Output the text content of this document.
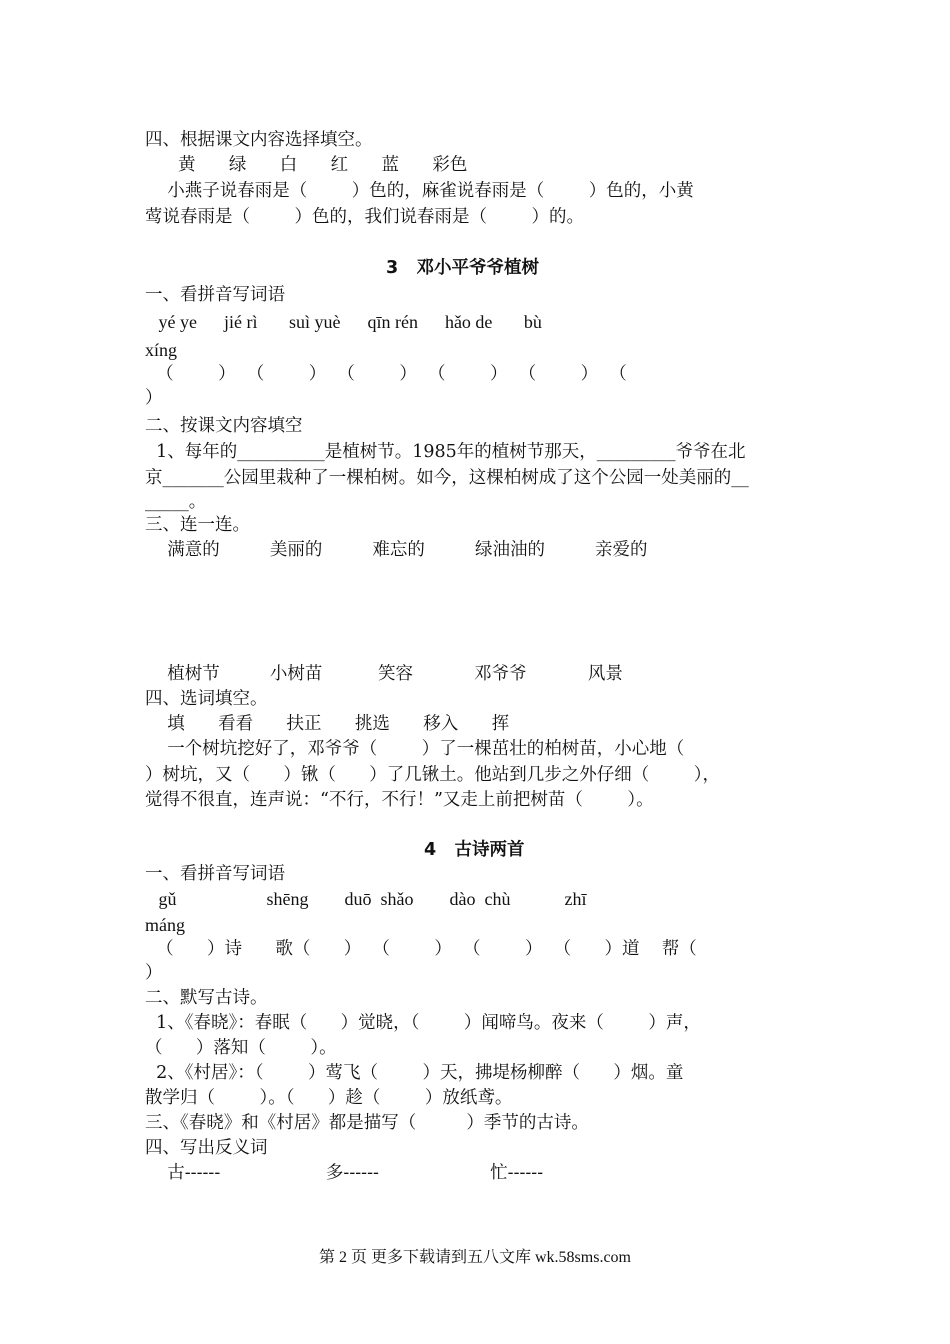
四、根据课文内容选择填空。
黄      绿      白      红      蓝      彩色
小燕子说春雨是（        ）色的，麻雀说春雨是（        ）色的，小黄
莺说春雨是（        ）色的，我们说春雨是（        ）的。
3   邓小平爷爷植树
一、看拼音写词语
yé ye      jié rì       suì yuè      qīn rén      hǎo de       bù
xíng
（        ）  （        ）  （        ）  （        ）  （        ）  （
）
二、按课文内容填空
1、每年的__________是植树节。1985年的植树节那天，_________爷爷在北
京_______公园里栽种了一棵柏树。如今，这棵柏树成了这个公园一处美丽的__
_____。
三、连一连。
满意的         美丽的         难忘的         绿油油的         亲爱的
植树节         小树苗          笑容           邓爷爷           风景
四、选词填空。
填      看看      扶正      挑选      移入      挥
一个树坑挖好了，邓爷爷（        ）了一棵茁壮的柏树苗，小心地（
）树坑，又（      ）锹（      ）了几锹土。他站到几步之外仔细（        ），
觉得不很直，连声说：“不行，不行！”又走上前把树苗（        ）。
4   古诗两首
一、看拼音写词语
gǔ                    shēng        duō  shǎo        dào  chù            zhī
máng
（      ）诗      歌（      ）  （        ）  （        ）  （      ）道    帮（
）
二、默写古诗。
1、《春晓》：春眠（      ）觉晓，（        ）闻啼鸟。夜来（        ）声，
（      ）落知（        ）。
2、《村居》：（        ）莺飞（        ）天，拂堤杨柳醉（      ）烟。童
散学归（        ）。（      ）趁（        ）放纸鸢。
三、《春晓》和《村居》都是描写（         ）季节的古诗。
四、写出反义词
古------                   多------                    忙------
第 2 页 更多下载请到五八文库 wk.58sms.com
